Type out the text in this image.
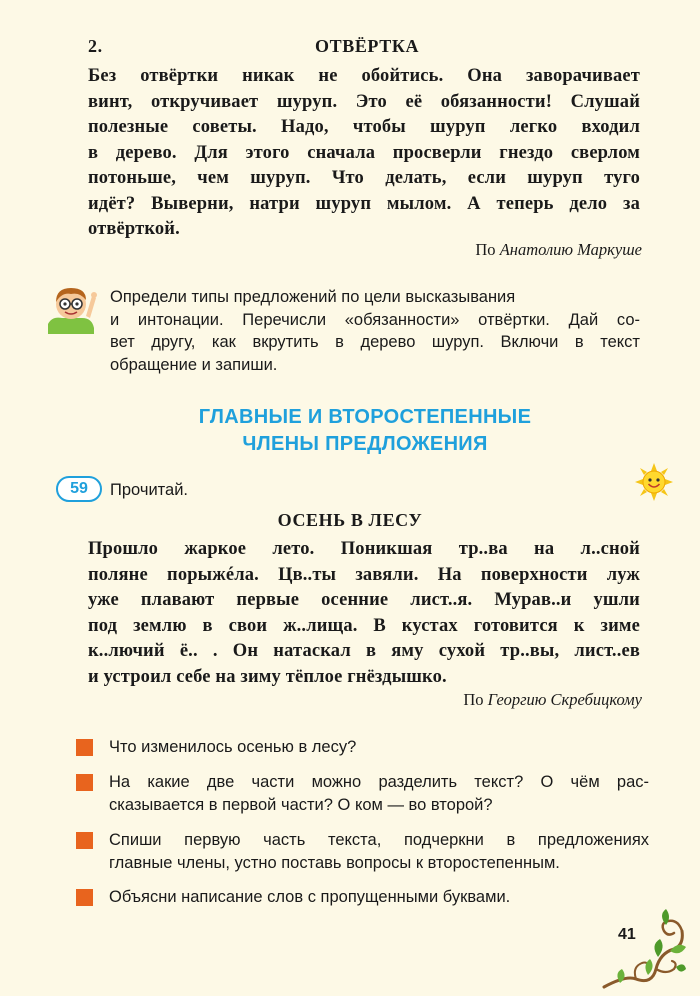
2.	ОТВЁРТКА
Без отвёртки никак не обойтись. Она заворачивает
винт, откручивает шуруп. Это её обязанности! Слушай
полезные советы. Надо, чтобы шуруп легко входил
в дерево. Для этого сначала просверли гнездо сверлом
потоньше, чем шуруп. Что делать, если шуруп туго
идёт? Выверни, натри шуруп мылом. А теперь дело за
отвёрткой.
По Анатолию Маркуше
Определи типы предложений по цели высказывания
и интонации. Перечисли «обязанности» отвёртки. Дай со-
вет другу, как вкрутить в дерево шуруп. Включи в текст
обращение и запиши.
ГЛАВНЫЕ И ВТОРОСТЕПЕННЫЕ
ЧЛЕНЫ ПРЕДЛОЖЕНИЯ
59	Прочитай.
ОСЕНЬ В ЛЕСУ
Прошло жаркое лето. Поникшая тр..ва на л..сной
поляне порыжéла. Цв..ты завяли. На поверхности луж
уже плавают первые осенние лист..я. Мурав..и ушли
под землю в свои ж..лища. В кустах готовится к зиме
к..лючий ё.. . Он натаскал в яму сухой тр..вы, лист..ев
и устроил себе на зиму тёплое гнёздышко.
По Георгию Скребицкому
Что изменилось осенью в лесу?
На какие две части можно разделить текст? О чём рас-
сказывается в первой части? О ком — во второй?
Спиши первую часть текста, подчеркни в предложениях
главные члены, устно поставь вопросы к второстепенным.
Объясни написание слов с пропущенными буквами.
41
